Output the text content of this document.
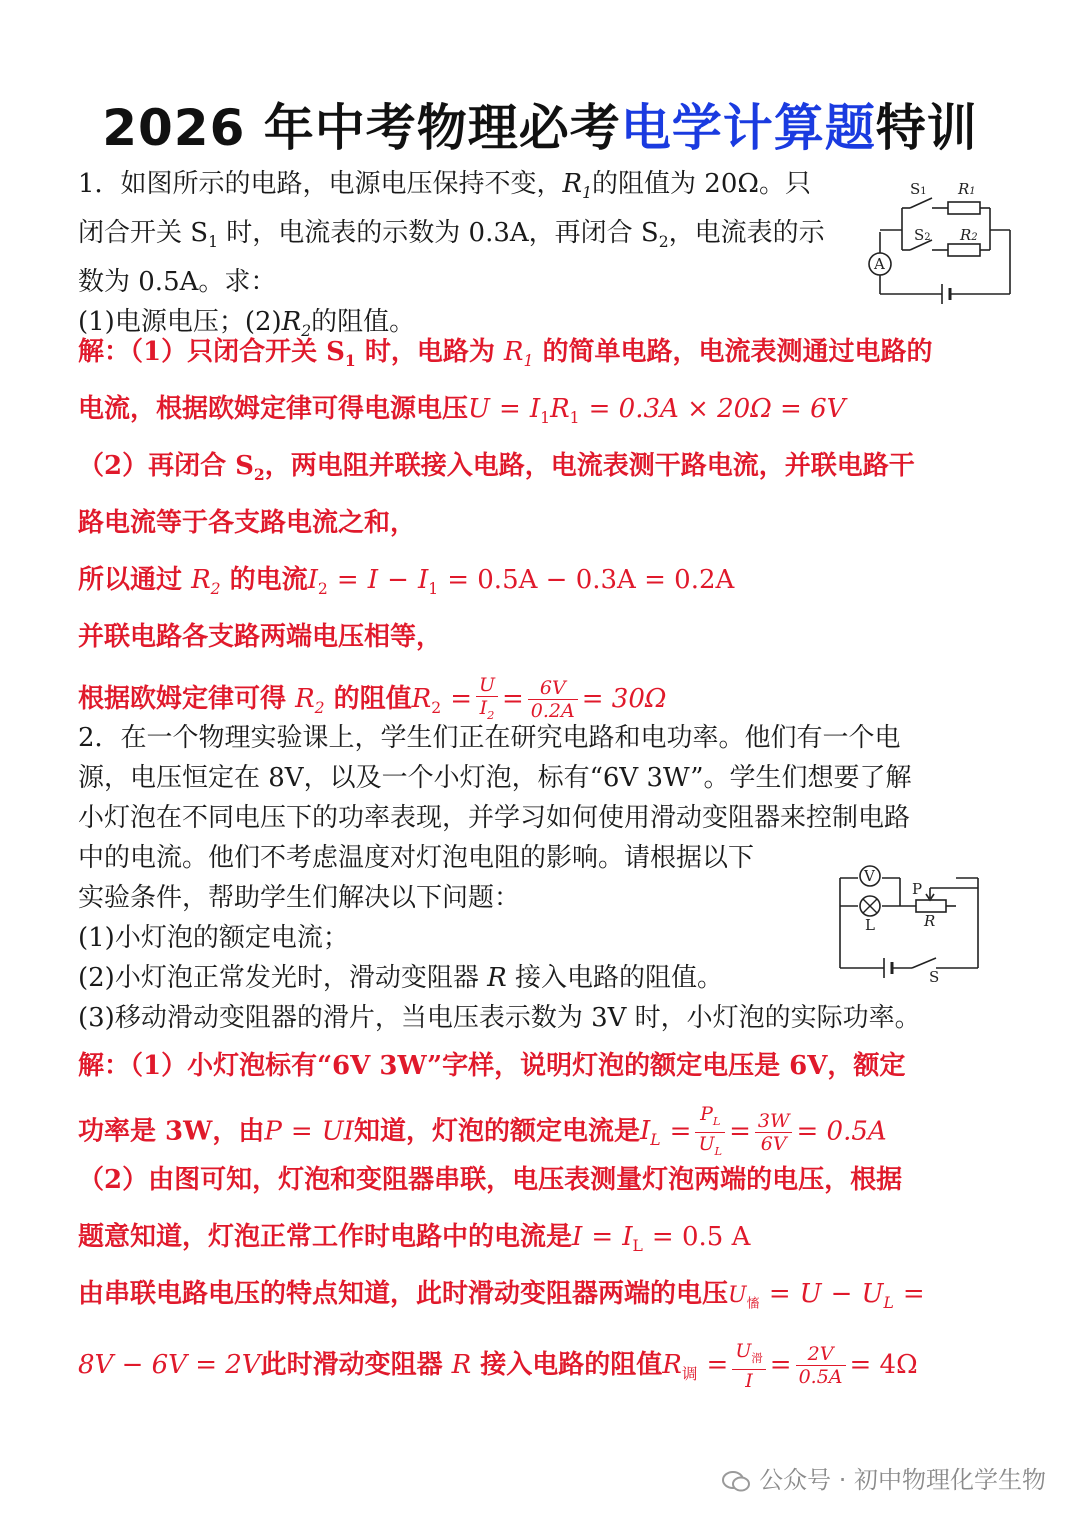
2026 年中考物理必考电学计算题特训
1．如图所示的电路，电源电压保持不变，$R_1$的阻值为 20Ω。只
闭合开关 $S_1$ 时，电流表的示数为 0.3A，再闭合 $S_2$，电流表的示
数为 0.5A。求：
(1)电源电压；$(2)R_2$的阻值。
A
S1 R1
S2 R2
解：（1）只闭合开关 $S_1$ 时，电路为 $R_1$ 的简单电路，电流表测通过电路的
电流，根据欧姆定律可得电源电压$U = I_1R_1 = 0.3A \times 20\Omega = 6V$
（2）再闭合 $S_2$，两电阻并联接入电路，电流表测干路电流，并联电路干
路电流等于各支路电流之和，
所以通过 $R_2$ 的电流$I_2 = I - I_1 = 0.5A - 0.3A = 0.2A$
并联电路各支路两端电压相等，
根据欧姆定律可得 $R_2$ 的阻值$R_2 = \frac{U}{I_2} = \frac{6V}{0.2A} = 30\Omega$
2．在一个物理实验课上，学生们正在研究电路和电功率。他们有一个电
源，电压恒定在 8V，以及一个小灯泡，标有“6V 3W”。学生们想要了解
小灯泡在不同电压下的功率表现，并学习如何使用滑动变阻器来控制电路
中的电流。他们不考虑温度对灯泡电阻的影响。请根据以下
实验条件，帮助学生们解决以下问题：
(1)小灯泡的额定电流；
(2)小灯泡正常发光时，滑动变阻器 R 接入电路的阻值。
(3)移动滑动变阻器的滑片，当电压表示数为 3V 时，小灯泡的实际功率。
V
L
P
R
S
解：（1）小灯泡标有“6V 3W”字样，说明灯泡的额定电压是 6V，额定
功率是 3W，由P = UI知道，灯泡的额定电流是$I_L = \frac{P_L}{U_L} = \frac{3W}{6V} = 0.5A$
（2）由图可知，灯泡和变阻器串联，电压表测量灯泡两端的电压，根据
题意知道，灯泡正常工作时电路中的电流是$I = I_L = 0.5$ A
由串联电路电压的特点知道，此时滑动变阻器两端的电压$U_慉 = U - U_L$ =
8V − 6V = 2V此时滑动变阻器 R 接入电路的阻值$R_调 = \frac{U_滑}{I} = \frac{2V}{0.5A} = 4\Omega$
公众号 · 初中物理化学生物
